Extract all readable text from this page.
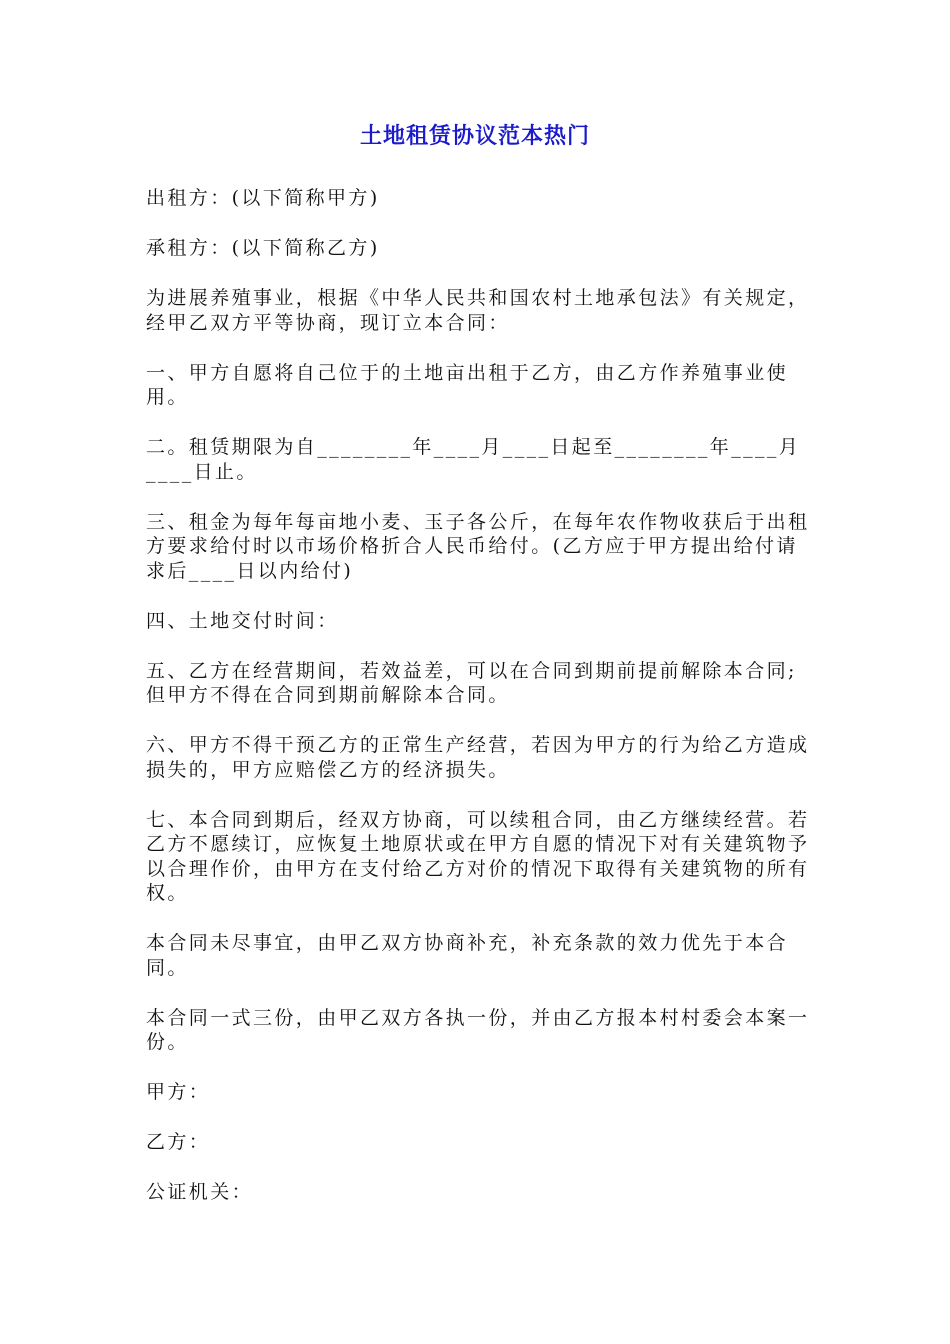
土地租赁协议范本热门

出租方：(以下简称甲方)

承租方：(以下简称乙方)

为进展养殖事业，根据《中华人民共和国农村土地承包法》有关规定，经甲乙双方平等协商，现订立本合同：

一、甲方自愿将自己位于的土地亩出租于乙方，由乙方作养殖事业使用。

二。租赁期限为自________年____月____日起至________年____月____日止。

三、租金为每年每亩地小麦、玉子各公斤，在每年农作物收获后于出租方要求给付时以市场价格折合人民币给付。(乙方应于甲方提出给付请求后____日以内给付)

四、土地交付时间：

五、乙方在经营期间，若效益差，可以在合同到期前提前解除本合同;但甲方不得在合同到期前解除本合同。

六、甲方不得干预乙方的正常生产经营，若因为甲方的行为给乙方造成损失的，甲方应赔偿乙方的经济损失。

七、本合同到期后，经双方协商，可以续租合同，由乙方继续经营。若乙方不愿续订，应恢复土地原状或在甲方自愿的情况下对有关建筑物予以合理作价，由甲方在支付给乙方对价的情况下取得有关建筑物的所有权。

本合同未尽事宜，由甲乙双方协商补充，补充条款的效力优先于本合同。

本合同一式三份，由甲乙双方各执一份，并由乙方报本村村委会本案一份。

甲方：

乙方：

公证机关：
